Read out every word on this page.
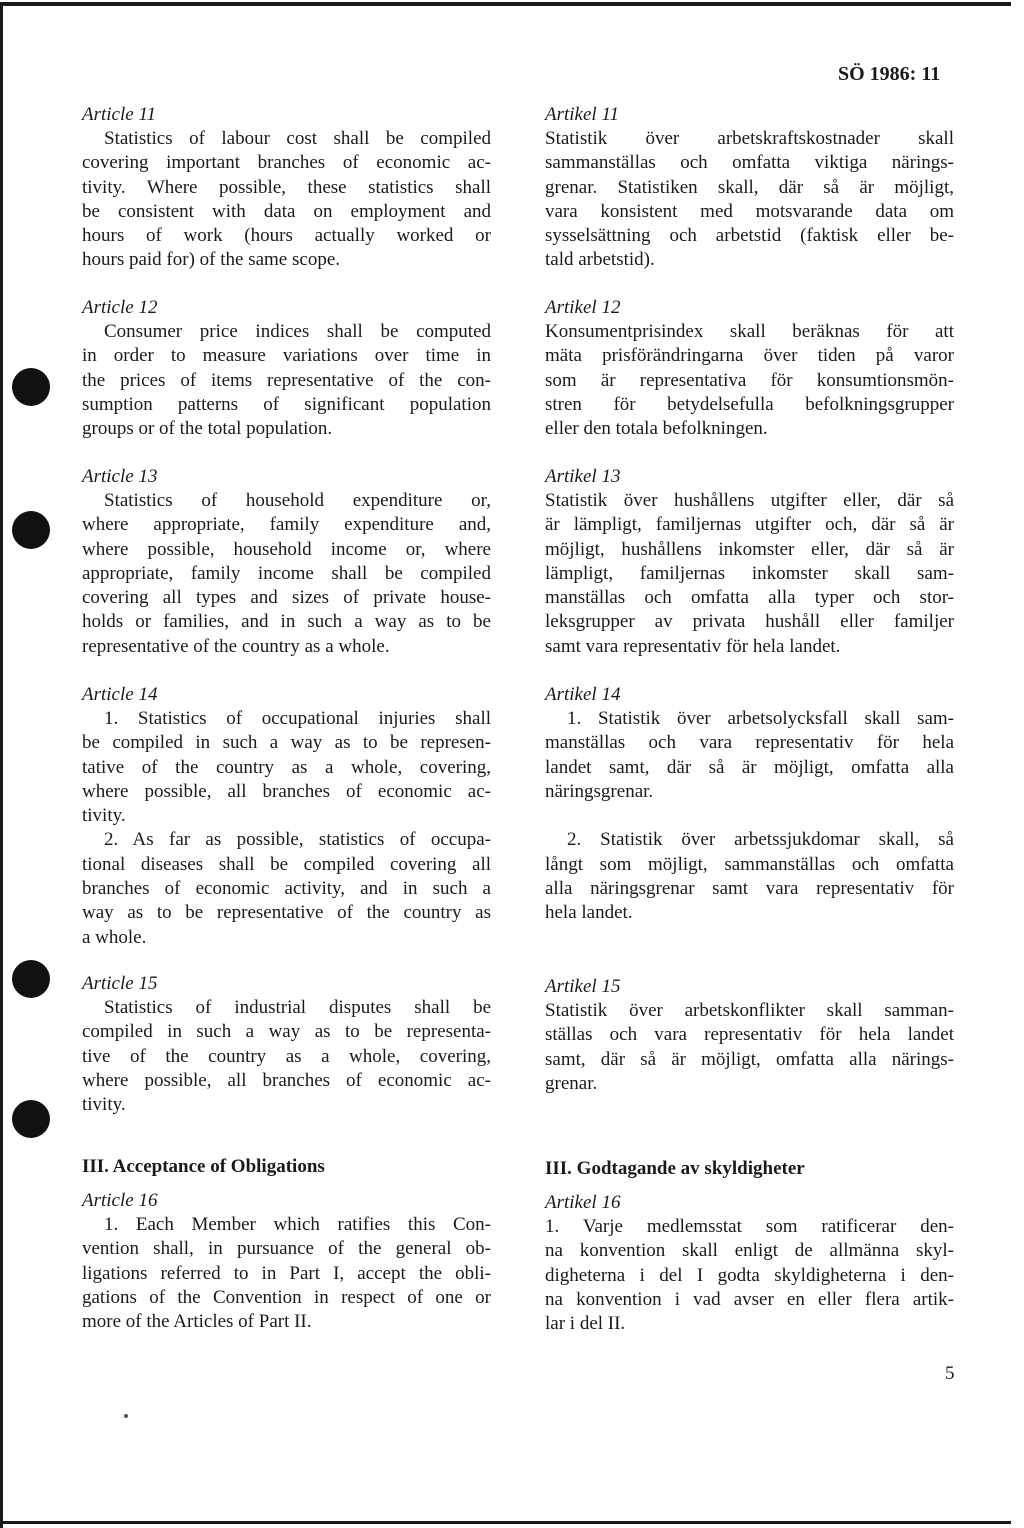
SÖ 1986: 11
5
Article 11
Statistics of labour cost shall be compiled
covering important branches of economic ac-
tivity. Where possible, these statistics shall
be consistent with data on employment and
hours of work (hours actually worked or
hours paid for) of the same scope.
Article 12
Consumer price indices shall be computed
in order to measure variations over time in
the prices of items representative of the con-
sumption patterns of significant population
groups or of the total population.
Article 13
Statistics of household expenditure or,
where appropriate, family expenditure and,
where possible, household income or, where
appropriate, family income shall be compiled
covering all types and sizes of private house-
holds or families, and in such a way as to be
representative of the country as a whole.
Article 14
1. Statistics of occupational injuries shall
be compiled in such a way as to be represen-
tative of the country as a whole, covering,
where possible, all branches of economic ac-
tivity.
2. As far as possible, statistics of occupa-
tional diseases shall be compiled covering all
branches of economic activity, and in such a
way as to be representative of the country as
a whole.
Article 15
Statistics of industrial disputes shall be
compiled in such a way as to be representa-
tive of the country as a whole, covering,
where possible, all branches of economic ac-
tivity.
III. Acceptance of Obligations
Article 16
1. Each Member which ratifies this Con-
vention shall, in pursuance of the general ob-
ligations referred to in Part I, accept the obli-
gations of the Convention in respect of one or
more of the Articles of Part II.
Artikel 11
Statistik över arbetskraftskostnader skall
sammanställas och omfatta viktiga närings-
grenar. Statistiken skall, där så är möjligt,
vara konsistent med motsvarande data om
sysselsättning och arbetstid (faktisk eller be-
tald arbetstid).
Artikel 12
Konsumentprisindex skall beräknas för att
mäta prisförändringarna över tiden på varor
som är representativa för konsumtionsmön-
stren för betydelsefulla befolkningsgrupper
eller den totala befolkningen.
Artikel 13
Statistik över hushållens utgifter eller, där så
är lämpligt, familjernas utgifter och, där så är
möjligt, hushållens inkomster eller, där så är
lämpligt, familjernas inkomster skall sam-
manställas och omfatta alla typer och stor-
leksgrupper av privata hushåll eller familjer
samt vara representativ för hela landet.
Artikel 14
1. Statistik över arbetsolycksfall skall sam-
manställas och vara representativ för hela
landet samt, där så är möjligt, omfatta alla
näringsgrenar.
2. Statistik över arbetssjukdomar skall, så
långt som möjligt, sammanställas och omfatta
alla näringsgrenar samt vara representativ för
hela landet.
Artikel 15
Statistik över arbetskonflikter skall samman-
ställas och vara representativ för hela landet
samt, där så är möjligt, omfatta alla närings-
grenar.
III. Godtagande av skyldigheter
Artikel 16
1. Varje medlemsstat som ratificerar den-
na konvention skall enligt de allmänna skyl-
digheterna i del I godta skyldigheterna i den-
na konvention i vad avser en eller flera artik-
lar i del II.
